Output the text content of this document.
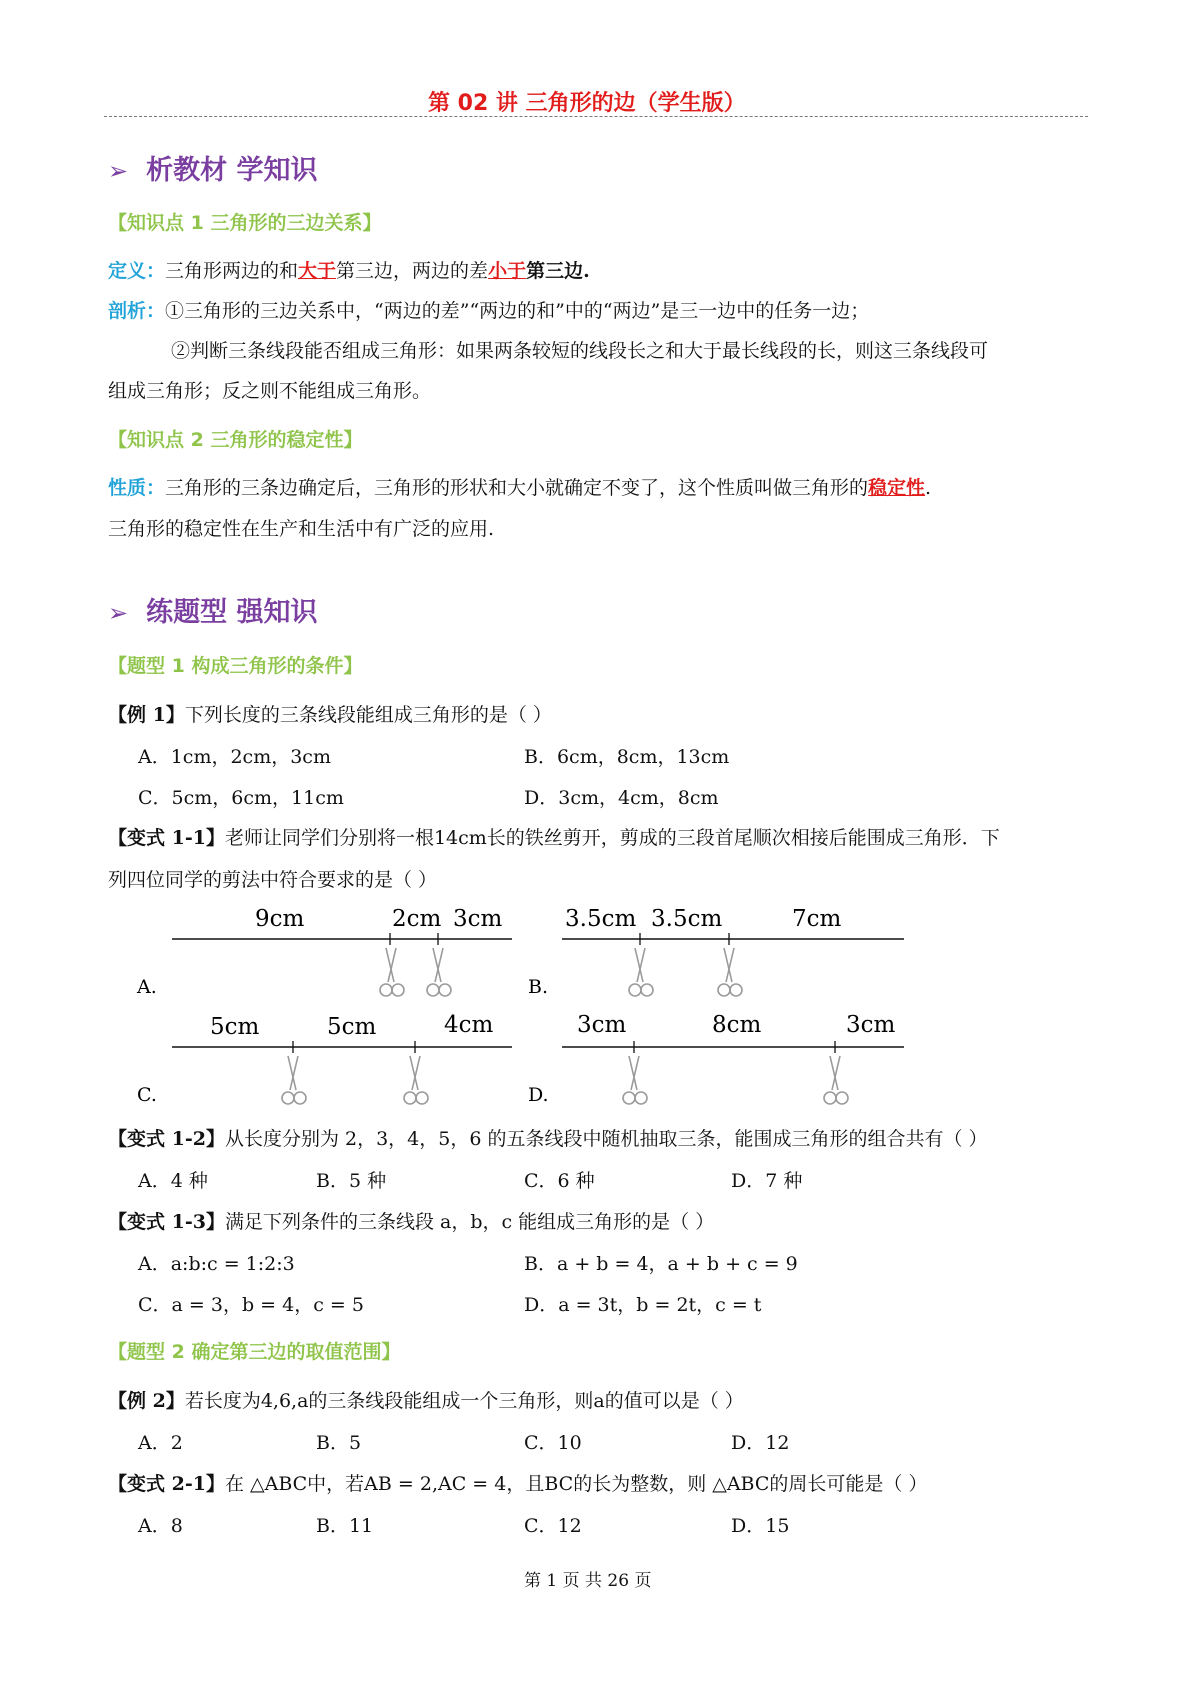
第 02 讲 三角形的边（学生版）
➢ 析教材 学知识
【知识点 1 三角形的三边关系】
定义：三角形两边的和大于第三边，两边的差小于第三边.
剖析：①三角形的三边关系中，“两边的差”“两边的和”中的“两边”是三一边中的任务一边；
②判断三条线段能否组成三角形：如果两条较短的线段长之和大于最长线段的长，则这三条线段可
组成三角形；反之则不能组成三角形。
【知识点 2 三角形的稳定性】
性质：三角形的三条边确定后，三角形的形状和大小就确定不变了，这个性质叫做三角形的稳定性.
三角形的稳定性在生产和生活中有广泛的应用.
➢ 练题型 强知识
【题型 1 构成三角形的条件】
【例 1】下列长度的三条线段能组成三角形的是（ ）
A．1cm，2cm，3cm	B．6cm，8cm，13cm
C．5cm，6cm，11cm	D．3cm，4cm，8cm
【变式 1-1】老师让同学们分别将一根14cm长的铁丝剪开，剪成的三段首尾顺次相接后能围成三角形．下
列四位同学的剪法中符合要求的是（ ）
9cm	2cm 3cm
A.
3.5cm 3.5cm	7cm
B.
5cm	5cm	4cm
C.
3cm	8cm	3cm
D.
【变式 1-2】从长度分别为 2，3，4，5，6 的五条线段中随机抽取三条，能围成三角形的组合共有（ ）
A．4 种	B．5 种	C．6 种	D．7 种
【变式 1-3】满足下列条件的三条线段 a，b，c 能组成三角形的是（ ）
A．a:b:c = 1:2:3	B．a + b = 4，a + b + c = 9
C．a = 3，b = 4，c = 5	D．a = 3t，b = 2t，c = t
【题型 2 确定第三边的取值范围】
【例 2】若长度为4,6,a的三条线段能组成一个三角形，则a的值可以是（ ）
A．2	B．5	C．10	D．12
【变式 2-1】在 △ABC中，若AB = 2,AC = 4，且BC的长为整数，则 △ABC的周长可能是（ ）
A．8	B．11	C．12	D．15
第 1 页 共 26 页
